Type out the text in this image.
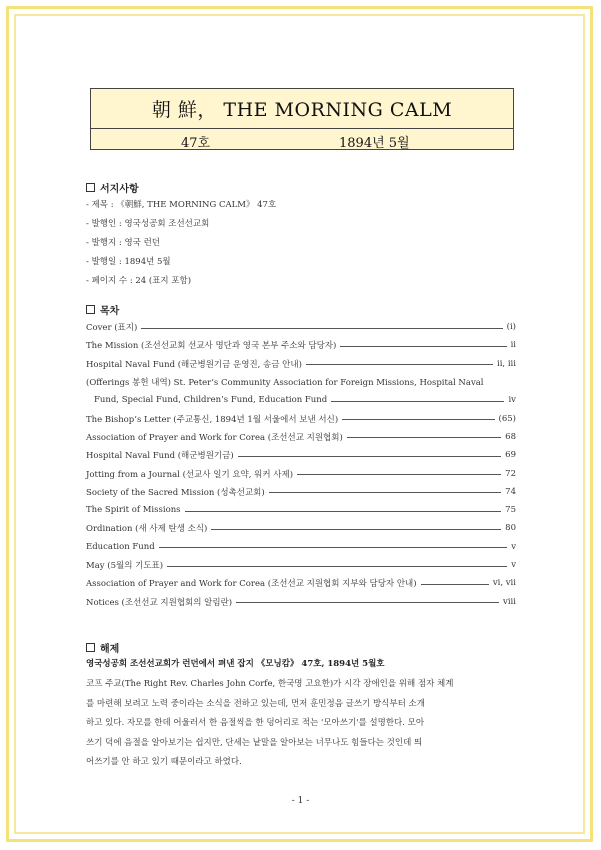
朝 鮮， THE MORNING CALM
47호	1894년 5월
서지사항
- 제목 : 《朝鮮, THE MORNING CALM》 47호
- 발행인 : 영국성공회 조선선교회
- 발행지 : 영국 런던
- 발행일 : 1894년 5월
- 페이지 수 : 24 (표지 포함)
목차
Cover (표지)	(i)
The Mission (조선선교회 선교사 명단과 영국 본부 주소와 담당자)	ii
Hospital Naval Fund (해군병원기금 운영진, 송금 안내)	ii, iii
(Offerings 봉헌 내역) St. Peter’s Community Association for Foreign Missions, Hospital Naval
Fund, Special Fund, Children’s Fund, Education Fund	iv
The Bishop’s Letter (주교통신, 1894년 1월 서울에서 보낸 서신)	(65)
Association of Prayer and Work for Corea (조선선교 지원협회)	68
Hospital Naval Fund (해군병원기금)	69
Jotting from a Journal (선교사 일기 요약, 워커 사제)	72
Society of the Sacred Mission (성촉선교회)	74
The Spirit of Missions	75
Ordination (새 사제 탄생 소식)	80
Education Fund	v
May (5월의 기도표)	v
Association of Prayer and Work for Corea (조선선교 지원협회 지부와 담당자 안내)	vi, vii
Notices (조선선교 지원협회의 알림란)	viii
해제
영국성공회 조선선교회가 런던에서 펴낸 잡지 《모닝캄》 47호, 1894년 5월호
코프 주교(The Right Rev. Charles John Corfe, 한국명 고요한)가 시각 장애인을 위해 점자 체계
를 마련해 보려고 노력 중이라는 소식을 전하고 있는데, 먼저 훈민정음 글쓰기 방식부터 소개
하고 있다. 자모를 한데 어울러서 한 음절씩을 한 덩어리로 적는 '모아쓰기'를 설명한다. 모아
쓰기 덕에 음절을 알아보기는 쉽지만, 단세는 낱말을 알아보는 너무나도 힘들다는 것인데 띄
어쓰기를 안 하고 있기 때문이라고 하였다.
- 1 -
